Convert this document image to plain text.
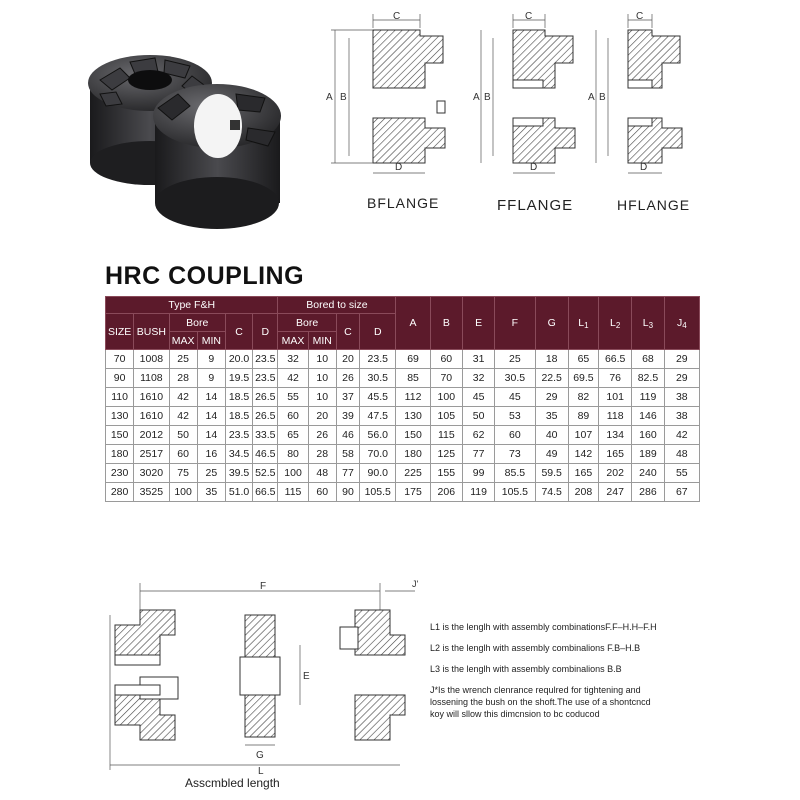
C
A B
D
BFLANGE
C
A B
D
FFLANGE
C
A B
D
HFLANGE
HRC COUPLING
Type F&H						Bored to size				A	B	E	F	G	L1	L2	L3	J4
SIZE	BUSH	Bore		C	D	Bore		C	D									
		MAX	MIN			MAX	MIN											
70	1008	25	9	20.0	23.5	32	10	20	23.5	69	60	31	25	18	65	66.5	68	29
90	1108	28	9	19.5	23.5	42	10	26	30.5	85	70	32	30.5	22.5	69.5	76	82.5	29
110	1610	42	14	18.5	26.5	55	10	37	45.5	112	100	45	45	29	82	101	119	38
130	1610	42	14	18.5	26.5	60	20	39	47.5	130	105	50	53	35	89	118	146	38
150	2012	50	14	23.5	33.5	65	26	46	56.0	150	115	62	60	40	107	134	160	42
180	2517	60	16	34.5	46.5	80	28	58	70.0	180	125	77	73	49	142	165	189	48
230	3020	75	25	39.5	52.5	100	48	77	90.0	225	155	99	85.5	59.5	165	202	240	55
280	3525	100	35	51.0	66.5	115	60	90	105.5	175	206	119	105.5	74.5	208	247	286	67
F	J'
E
G
L
Asscmbled length
L1 is the lenglh with assembly combinationsF.F–H.H–F.H
L2 is the lenglh with assembly combinalions F.B–H.B
L3 is the lenglh with assembly combinalions B.B
J*Is the wrench clenrance requlred for tightening and
lossening the bush on the shoft.The use of a shontcncd
koy will sllow this dimcnsion to bc coducod
